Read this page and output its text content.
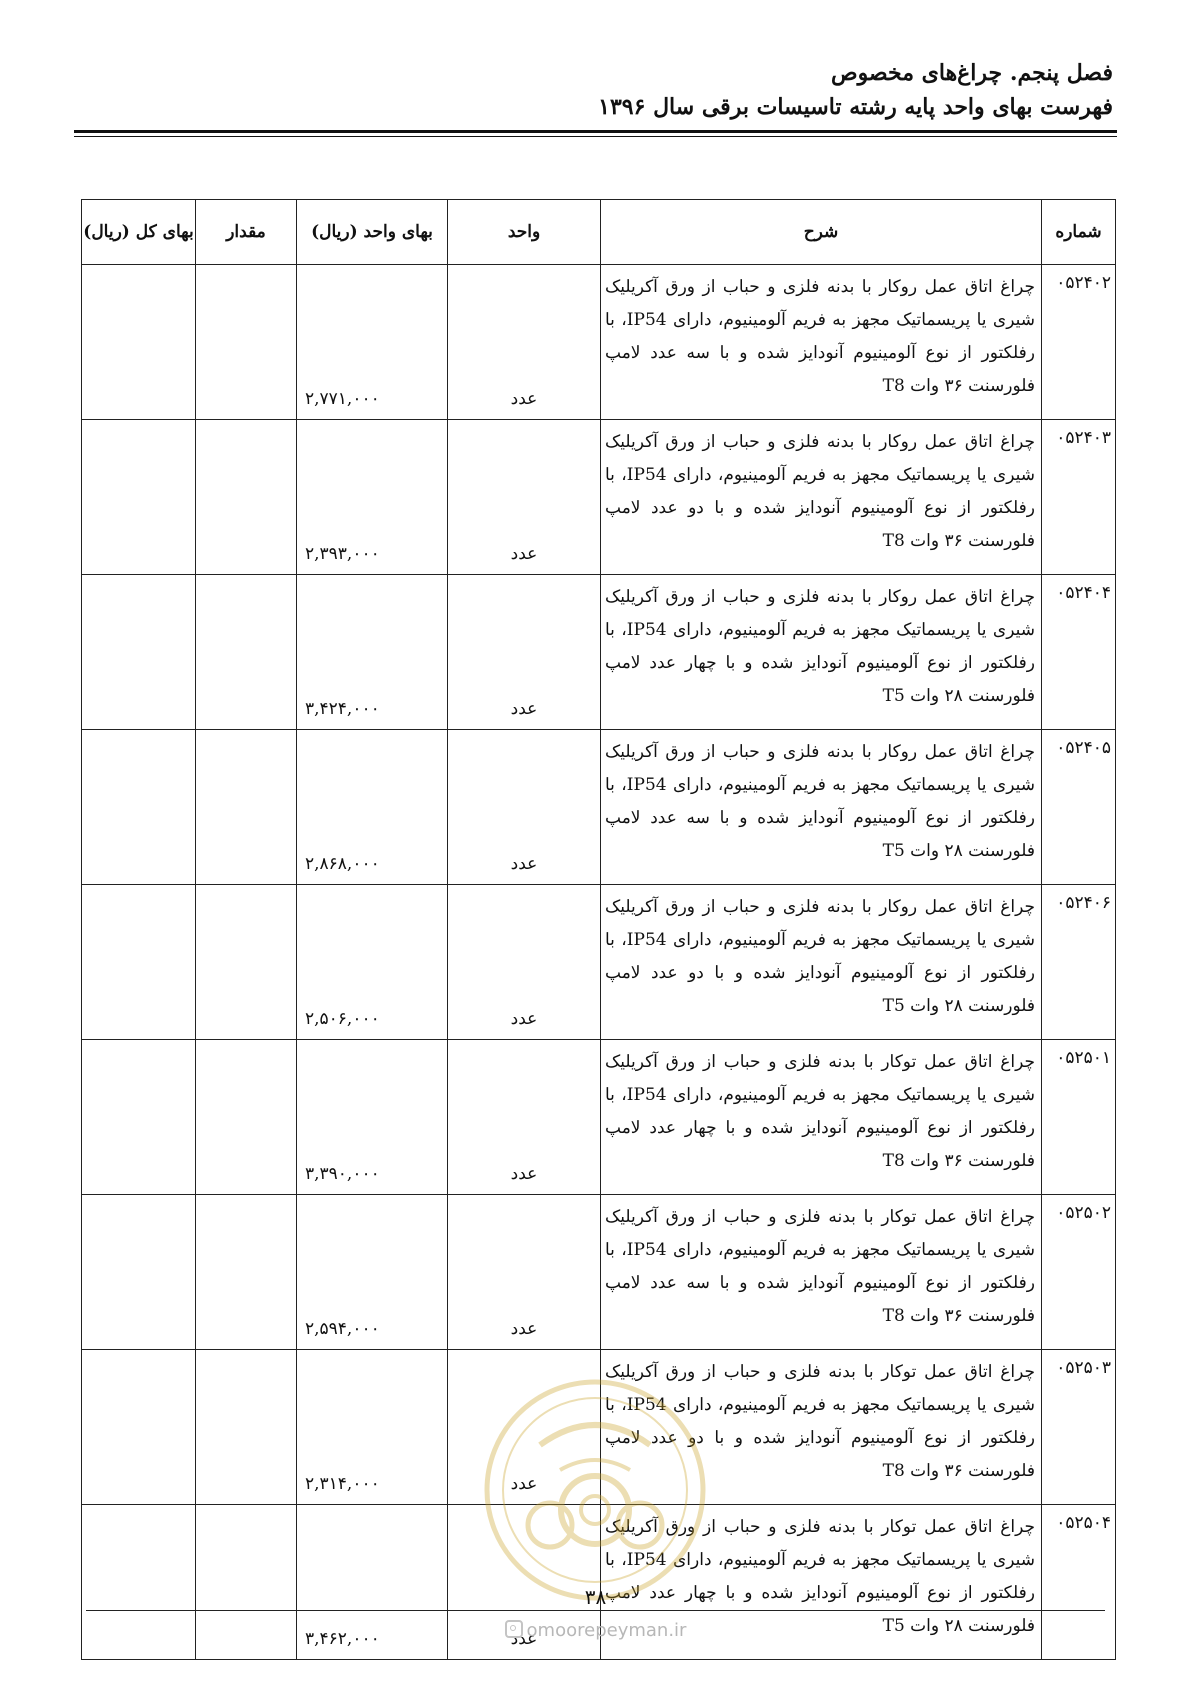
فصل پنجم. چراغ‌های مخصوص
فهرست بهای واحد پایه رشته تاسیسات برقی سال ۱۳۹۶
شماره	شرح	واحد	بهای واحد (ریال)	مقدار	بهای کل (ریال)
۰۵۲۴۰۲	چراغ اتاق عمل روکار با بدنه فلزی و حباب از ورق آکریلیک شیری یا پریسماتیک مجهز به فریم آلومینیوم، دارای IP54، با رفلکتور از نوع آلومینیوم آنودایز شده و با سه عدد لامپ فلورسنت ۳۶ وات T8	عدد	۲,۷۷۱,۰۰۰		
۰۵۲۴۰۳	چراغ اتاق عمل روکار با بدنه فلزی و حباب از ورق آکریلیک شیری یا پریسماتیک مجهز به فریم آلومینیوم، دارای IP54، با رفلکتور از نوع آلومینیوم آنودایز شده و با دو عدد لامپ فلورسنت ۳۶ وات T8	عدد	۲,۳۹۳,۰۰۰		
۰۵۲۴۰۴	چراغ اتاق عمل روکار با بدنه فلزی و حباب از ورق آکریلیک شیری یا پریسماتیک مجهز به فریم آلومینیوم، دارای IP54، با رفلکتور از نوع آلومینیوم آنودایز شده و با چهار عدد لامپ فلورسنت ۲۸ وات T5	عدد	۳,۴۲۴,۰۰۰		
۰۵۲۴۰۵	چراغ اتاق عمل روکار با بدنه فلزی و حباب از ورق آکریلیک شیری یا پریسماتیک مجهز به فریم آلومینیوم، دارای IP54، با رفلکتور از نوع آلومینیوم آنودایز شده و با سه عدد لامپ فلورسنت ۲۸ وات T5	عدد	۲,۸۶۸,۰۰۰		
۰۵۲۴۰۶	چراغ اتاق عمل روکار با بدنه فلزی و حباب از ورق آکریلیک شیری یا پریسماتیک مجهز به فریم آلومینیوم، دارای IP54، با رفلکتور از نوع آلومینیوم آنودایز شده و با دو عدد لامپ فلورسنت ۲۸ وات T5	عدد	۲,۵۰۶,۰۰۰		
۰۵۲۵۰۱	چراغ اتاق عمل توکار با بدنه فلزی و حباب از ورق آکریلیک شیری یا پریسماتیک مجهز به فریم آلومینیوم، دارای IP54، با رفلکتور از نوع آلومینیوم آنودایز شده و با چهار عدد لامپ فلورسنت ۳۶ وات T8	عدد	۳,۳۹۰,۰۰۰		
۰۵۲۵۰۲	چراغ اتاق عمل توکار با بدنه فلزی و حباب از ورق آکریلیک شیری یا پریسماتیک مجهز به فریم آلومینیوم، دارای IP54، با رفلکتور از نوع آلومینیوم آنودایز شده و با سه عدد لامپ فلورسنت ۳۶ وات T8	عدد	۲,۵۹۴,۰۰۰		
۰۵۲۵۰۳	چراغ اتاق عمل توکار با بدنه فلزی و حباب از ورق آکریلیک شیری یا پریسماتیک مجهز به فریم آلومینیوم، دارای IP54، با رفلکتور از نوع آلومینیوم آنودایز شده و با دو عدد لامپ فلورسنت ۳۶ وات T8	عدد	۲,۳۱۴,۰۰۰		
۰۵۲۵۰۴	چراغ اتاق عمل توکار با بدنه فلزی و حباب از ورق آکریلیک شیری یا پریسماتیک مجهز به فریم آلومینیوم، دارای IP54، با رفلکتور از نوع آلومینیوم آنودایز شده و با چهار عدد لامپ فلورسنت ۲۸ وات T5	عدد	۳,۴۶۲,۰۰۰		
۳۸
omoorepeyman.ir
